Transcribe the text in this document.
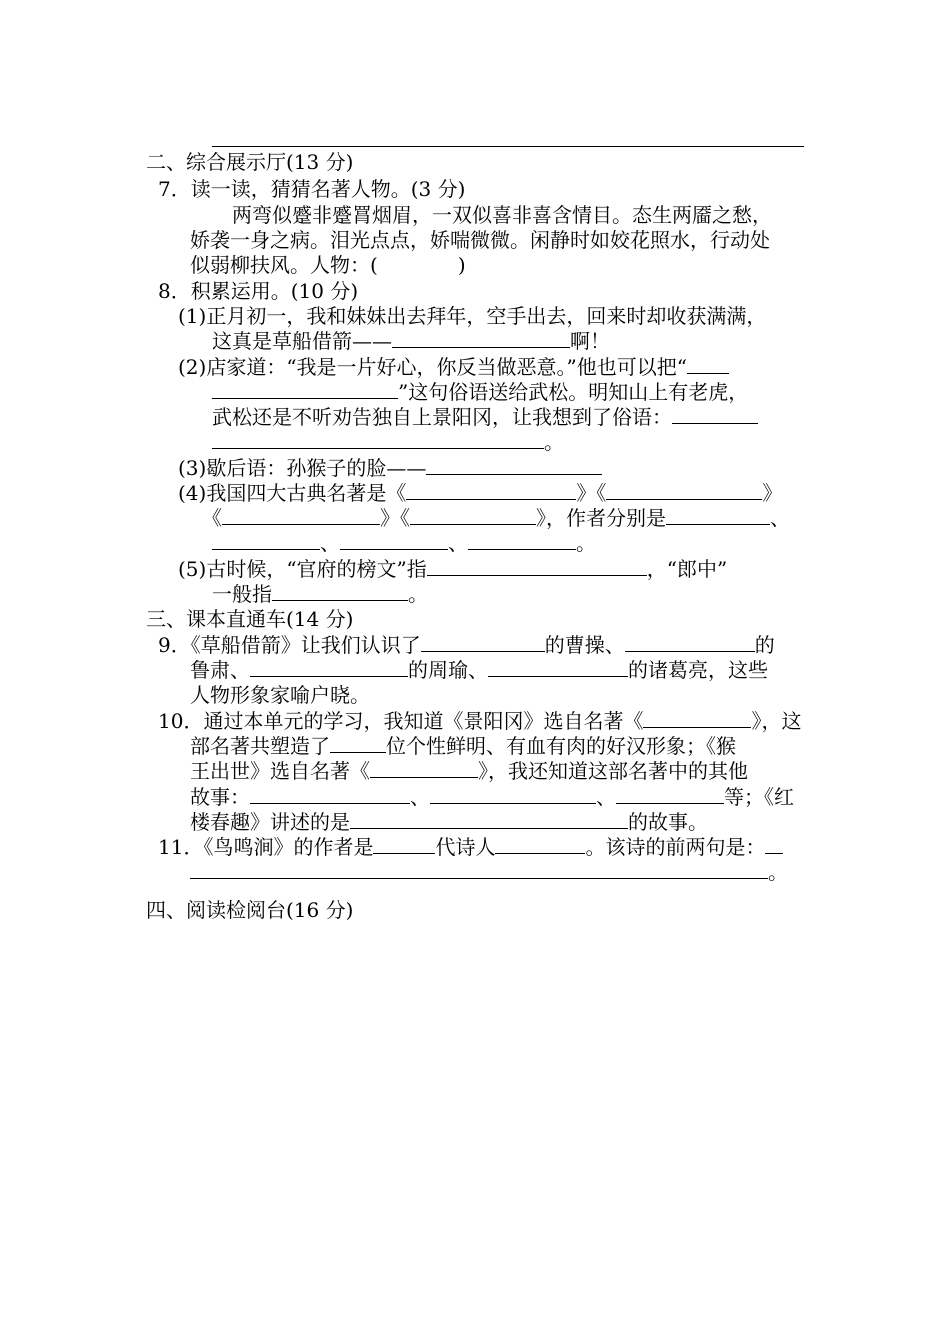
二、综合展示厅(13 分)
7．读一读，猜猜名著人物。(3 分)
两弯似蹙非蹙罥烟眉，一双似喜非喜含情目。态生两靥之愁，
娇袭一身之病。泪光点点，娇喘微微。闲静时如姣花照水，行动处
似弱柳扶风。人物：(	)
8．积累运用。(10 分)
(1)正月初一，我和妹妹出去拜年，空手出去，回来时却收获满满，
这真是草船借箭——	啊！
(2)店家道：“我是一片好心，你反当做恶意。”他也可以把“
”这句俗语送给武松。明知山上有老虎，
武松还是不听劝告独自上景阳冈，让我想到了俗语：
。
(3)歇后语：孙猴子的脸——
(4)我国四大古典名著是《	》《	》
《	》《	》，作者分别是	、
、	、	。
(5)古时候，“官府的榜文”指	，“郎中”
一般指	。
三、课本直通车(14 分)
9．《草船借箭》让我们认识了	的曹操、	的
鲁肃、	的周瑜、	的诸葛亮，这些
人物形象家喻户晓。
10．通过本单元的学习，我知道《景阳冈》选自名著《	》，这
部名著共塑造了	位个性鲜明、有血有肉的好汉形象；《猴
王出世》选自名著《	》，我还知道这部名著中的其他
故事：	、	、	等；《红
楼春趣》讲述的是	的故事。
11．《鸟鸣涧》的作者是	代诗人	。该诗的前两句是：
。
四、阅读检阅台(16 分)
